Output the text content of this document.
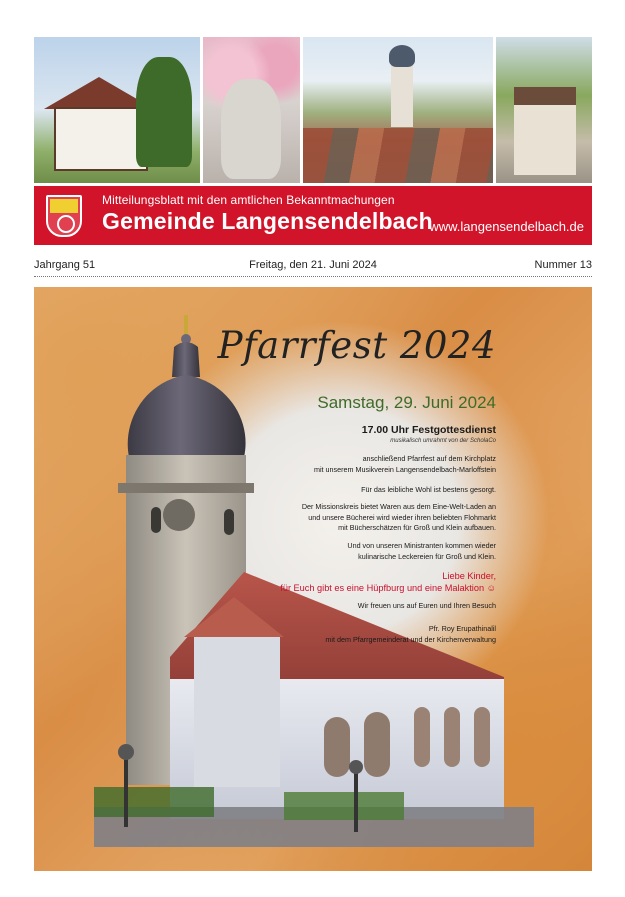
Mitteilungsblatt mit den amtlichen Bekanntmachungen
Gemeinde Langensendelbach
www.langensendelbach.de
Jahrgang 51	Freitag, den 21. Juni 2024	Nummer 13
Pfarrfest 2024
Samstag, 29. Juni 2024
17.00 Uhr Festgottesdienst
musikalisch umrahmt von der ScholaCo
anschließend Pfarrfest auf dem Kirchplatz
mit unserem Musikverein Langensendelbach-Marloffstein
Für das leibliche Wohl ist bestens gesorgt.
Der Missionskreis bietet Waren aus dem Eine-Welt-Laden an
und unsere Bücherei wird wieder ihren beliebten Flohmarkt
mit Bücherschätzen für Groß und Klein aufbauen.
Und von unseren Ministranten kommen wieder
kulinarische Leckereien für Groß und Klein.
Liebe Kinder,
für Euch gibt es eine Hüpfburg und eine Malaktion ☺
Wir freuen uns auf Euren und Ihren Besuch
Pfr. Roy Erupathinalil
mit dem Pfarrgemeinderat und der Kirchenverwaltung
